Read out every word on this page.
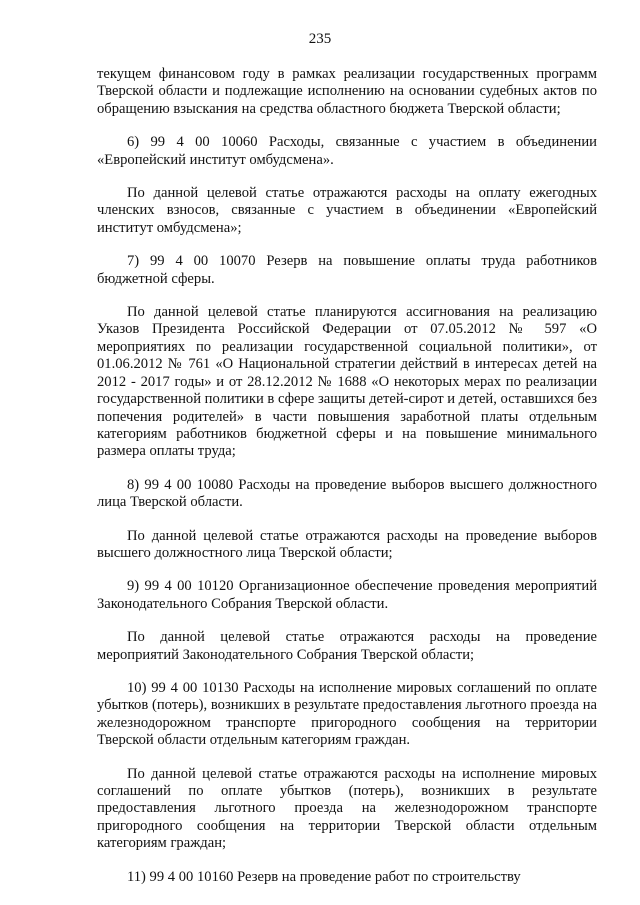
235

текущем финансовом году в рамках реализации государственных программ Тверской области и подлежащие исполнению на основании судебных актов по обращению взыскания на средства областного бюджета Тверской области;

6) 99 4 00 10060 Расходы, связанные с участием в объединении «Европейский институт омбудсмена».

По данной целевой статье отражаются расходы на оплату ежегодных членских взносов, связанные с участием в объединении «Европейский институт омбудсмена»;

7) 99 4 00 10070 Резерв на повышение оплаты труда работников бюджетной сферы.

По данной целевой статье планируются ассигнования на реализацию Указов Президента Российской Федерации от 07.05.2012 № 597 «О мероприятиях по реализации государственной социальной политики», от 01.06.2012 № 761 «О Национальной стратегии действий в интересах детей на 2012 - 2017 годы» и от 28.12.2012 № 1688 «О некоторых мерах по реализации государственной политики в сфере защиты детей-сирот и детей, оставшихся без попечения родителей» в части повышения заработной платы отдельным категориям работников бюджетной сферы и на повышение минимального размера оплаты труда;

8) 99 4 00 10080 Расходы на проведение выборов высшего должностного лица Тверской области.

По данной целевой статье отражаются расходы на проведение выборов высшего должностного лица Тверской области;

9) 99 4 00 10120 Организационное обеспечение проведения мероприятий Законодательного Собрания Тверской области.

По данной целевой статье отражаются расходы на проведение мероприятий Законодательного Собрания Тверской области;

10) 99 4 00 10130 Расходы на исполнение мировых соглашений по оплате убытков (потерь), возникших в результате предоставления льготного проезда на железнодорожном транспорте пригородного сообщения на территории Тверской области отдельным категориям граждан.

По данной целевой статье отражаются расходы на исполнение мировых соглашений по оплате убытков (потерь), возникших в результате предоставления льготного проезда на железнодорожном транспорте пригородного сообщения на территории Тверской области отдельным категориям граждан;

11) 99 4 00 10160 Резерв на проведение работ по строительству
